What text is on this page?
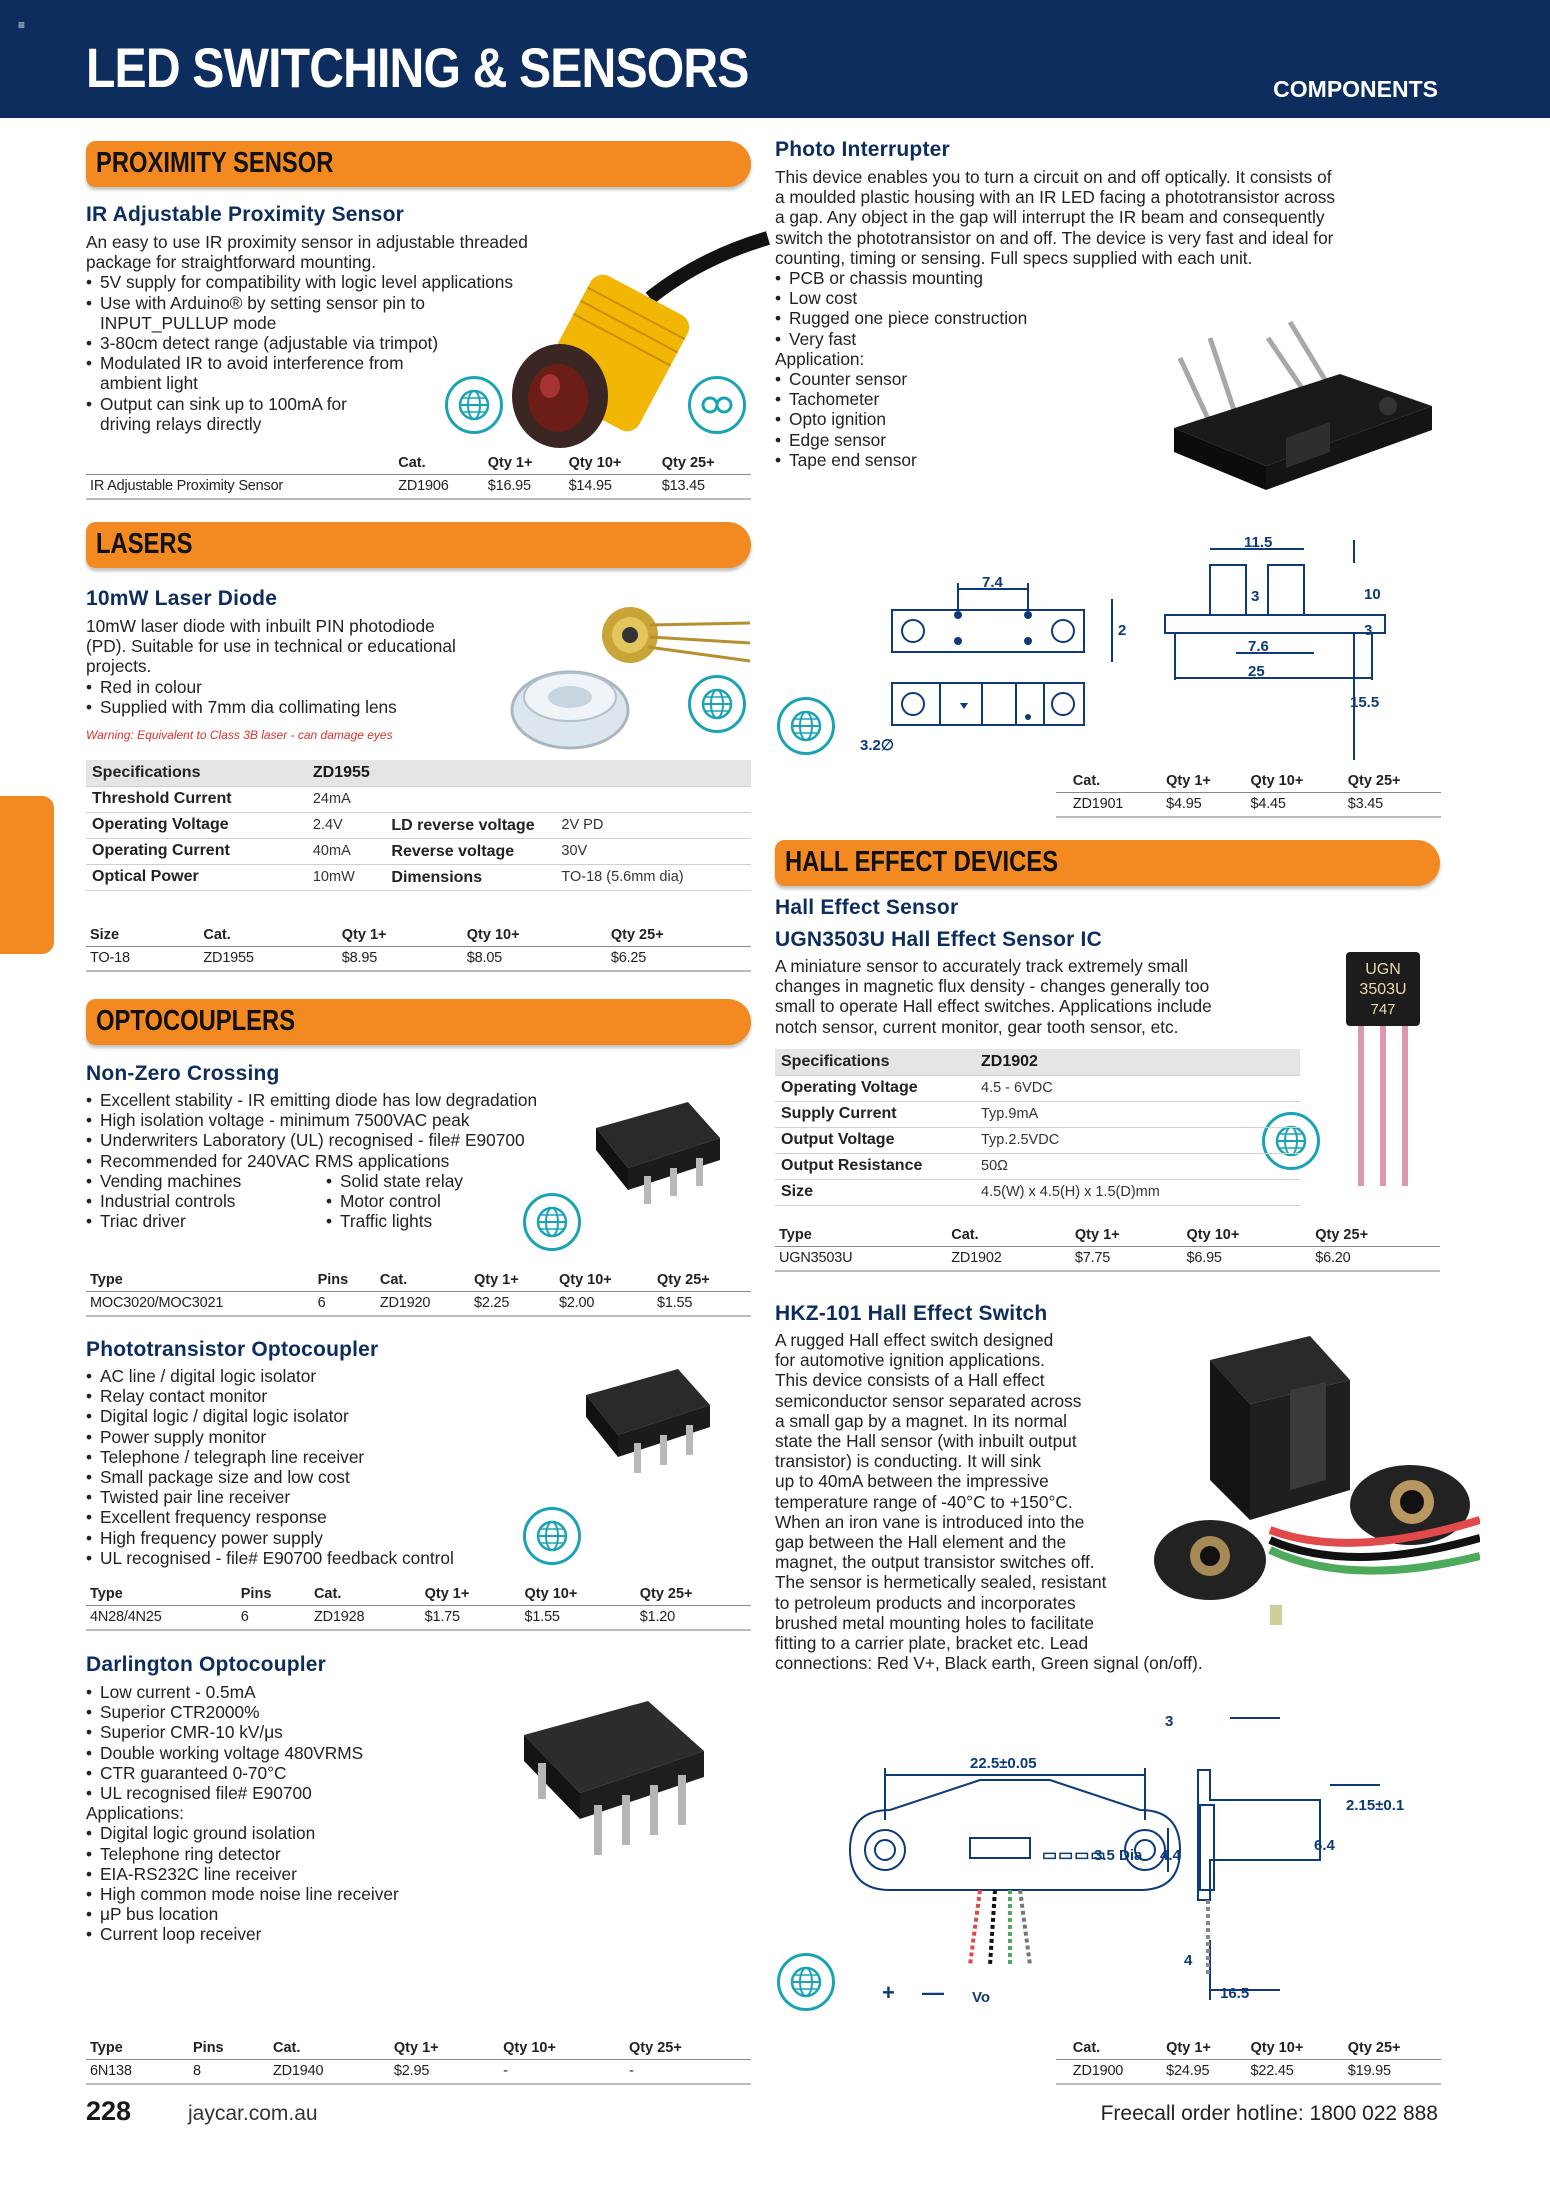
≡
LED SWITCHING & SENSORS	COMPONENTS
PROXIMITY SENSOR
IR Adjustable Proximity Sensor
An easy to use IR proximity sensor in adjustable threaded
package for straightforward mounting.
• 5V supply for compatibility with logic level applications
• Use with Arduino® by setting sensor pin to
INPUT_PULLUP mode
• 3-80cm detect range (adjustable via trimpot)
• Modulated IR to avoid interference from
ambient light
• Output can sink up to 100mA for
driving relays directly
	Cat.	Qty 1+	Qty 10+	Qty 25+
IR Adjustable Proximity Sensor	ZD1906	$16.95	$14.95	$13.45
LASERS
10mW Laser Diode
10mW laser diode with inbuilt PIN photodiode
(PD). Suitable for use in technical or educational
projects.
• Red in colour
• Supplied with 7mm dia collimating lens
Warning: Equivalent to Class 3B laser - can damage eyes
Specifications	ZD1955		
Threshold Current	24mA		
Operating Voltage	2.4V	LD reverse voltage	2V PD
Operating Current	40mA	Reverse voltage	30V
Optical Power	10mW	Dimensions	TO-18 (5.6mm dia)
Size	Cat.	Qty 1+	Qty 10+	Qty 25+
TO-18	ZD1955	$8.95	$8.05	$6.25
OPTOCOUPLERS
Non-Zero Crossing
• Excellent stability - IR emitting diode has low degradation
• High isolation voltage - minimum 7500VAC peak
• Underwriters Laboratory (UL) recognised - file# E90700
• Recommended for 240VAC RMS applications
• Vending machines
• Industrial controls
• Triac driver
• Solid state relay
• Motor control
• Traffic lights
Type	Pins	Cat.	Qty 1+	Qty 10+	Qty 25+
MOC3020/MOC3021	6	ZD1920	$2.25	$2.00	$1.55
Phototransistor Optocoupler
• AC line / digital logic isolator
• Relay contact monitor
• Digital logic / digital logic isolator
• Power supply monitor
• Telephone / telegraph line receiver
• Small package size and low cost
• Twisted pair line receiver
• Excellent frequency response
• High frequency power supply
• UL recognised - file# E90700 feedback control
Type	Pins	Cat.	Qty 1+	Qty 10+	Qty 25+
4N28/4N25	6	ZD1928	$1.75	$1.55	$1.20
Darlington Optocoupler
• Low current - 0.5mA
• Superior CTR2000%
• Superior CMR-10 kV/μs
• Double working voltage 480VRMS
• CTR guaranteed 0-70°C
• UL recognised file# E90700
Applications:
• Digital logic ground isolation
• Telephone ring detector
• EIA-RS232C line receiver
• High common mode noise line receiver
• μP bus location
• Current loop receiver
Type	Pins	Cat.	Qty 1+	Qty 10+	Qty 25+
6N138	8	ZD1940	$2.95	-	-
Photo Interrupter
This device enables you to turn a circuit on and off optically. It consists of
a moulded plastic housing with an IR LED facing a phototransistor across
a gap. Any object in the gap will interrupt the IR beam and consequently
switch the phototransistor on and off. The device is very fast and ideal for
counting, timing or sensing. Full specs supplied with each unit.
• PCB or chassis mounting
• Low cost
• Rugged one piece construction
• Very fast
Application:
• Counter sensor
• Tachometer
• Opto ignition
• Edge sensor
• Tape end sensor
7.4
2
3.2∅
11.5
3	10
3
7.6
25
15.5
	Cat.	Qty 1+	Qty 10+	Qty 25+
	ZD1901	$4.95	$4.45	$3.45
HALL EFFECT DEVICES
Hall Effect Sensor
UGN3503U Hall Effect Sensor IC
A miniature sensor to accurately track extremely small
changes in magnetic flux density - changes generally too
small to operate Hall effect switches. Applications include
notch sensor, current monitor, gear tooth sensor, etc.
UGN
3503U
747
Specifications	ZD1902
Operating Voltage	4.5 - 6VDC
Supply Current	Typ.9mA
Output Voltage	Typ.2.5VDC
Output Resistance	50Ω
Size	4.5(W) x 4.5(H) x 1.5(D)mm
Type	Cat.	Qty 1+	Qty 10+	Qty 25+
UGN3503U	ZD1902	$7.75	$6.95	$6.20
HKZ-101 Hall Effect Switch
A rugged Hall effect switch designed
for automotive ignition applications.
This device consists of a Hall effect
semiconductor sensor separated across
a small gap by a magnet. In its normal
state the Hall sensor (with inbuilt output
transistor) is conducting. It will sink
up to 40mA between the impressive
temperature range of -40°C to +150°C.
When an iron vane is introduced into the
gap between the Hall element and the
magnet, the output transistor switches off.
The sensor is hermetically sealed, resistant
to petroleum products and incorporates
brushed metal mounting holes to facilitate
fitting to a carrier plate, bracket etc. Lead
connections: Red V+, Black earth, Green signal (on/off).
22.5±0.05
▭▭▭▭	4.4
3.5 Dia
3
2.15±0.1
6.4
4
16.5
+ — Vo
	Cat.	Qty 1+	Qty 10+	Qty 25+
	ZD1900	$24.95	$22.45	$19.95
228	jaycar.com.au	Freecall order hotline: 1800 022 888
